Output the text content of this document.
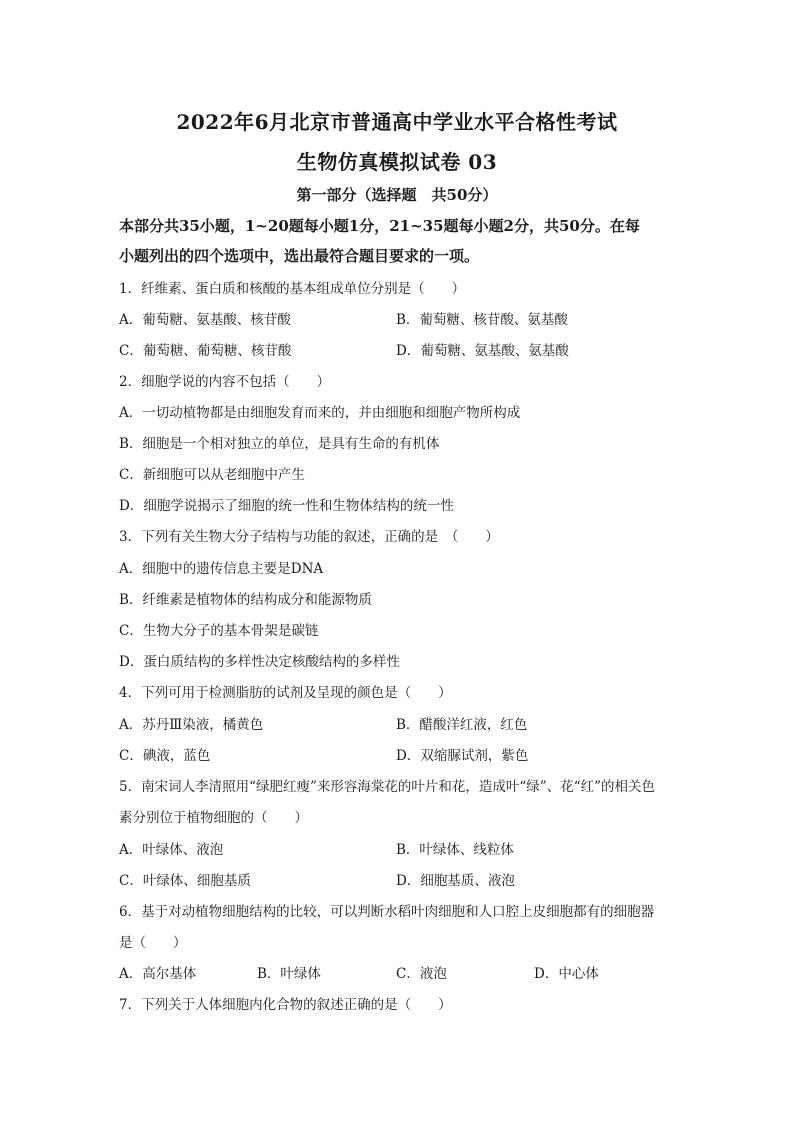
2022年6月北京市普通高中学业水平合格性考试
生物仿真模拟试卷 03
第一部分（选择题　共50分）
本部分共35小题，1~20题每小题1分，21~35题每小题2分，共50分。在每
小题列出的四个选项中，选出最符合题目要求的一项。
1．纤维素、蛋白质和核酸的基本组成单位分别是（　　）
A．葡萄糖、氨基酸、核苷酸	B．葡萄糖、核苷酸、氨基酸
C．葡萄糖、葡萄糖、核苷酸	D．葡萄糖、氨基酸、氨基酸
2．细胞学说的内容不包括（　　）
A．一切动植物都是由细胞发育而来的，并由细胞和细胞产物所构成
B．细胞是一个相对独立的单位，是具有生命的有机体
C．新细胞可以从老细胞中产生
D．细胞学说揭示了细胞的统一性和生物体结构的统一性
3．下列有关生物大分子结构与功能的叙述，正确的是　（　　）
A．细胞中的遗传信息主要是DNA
B．纤维素是植物体的结构成分和能源物质
C．生物大分子的基本骨架是碳链
D．蛋白质结构的多样性决定核酸结构的多样性
4．下列可用于检测脂肪的试剂及呈现的颜色是（　　）
A．苏丹Ⅲ染液，橘黄色	B．醋酸洋红液，红色
C．碘液，蓝色	D．双缩脲试剂，紫色
5．南宋词人李清照用“绿肥红瘦”来形容海棠花的叶片和花，造成叶“绿”、花“红”的相关色
素分别位于植物细胞的（　　）
A．叶绿体、液泡	B．叶绿体、线粒体
C．叶绿体、细胞基质	D．细胞基质、液泡
6．基于对动植物细胞结构的比较，可以判断水稻叶肉细胞和人口腔上皮细胞都有的细胞器
是（　　）
A．高尔基体	B．叶绿体	C．液泡	D．中心体
7．下列关于人体细胞内化合物的叙述正确的是（　　）
